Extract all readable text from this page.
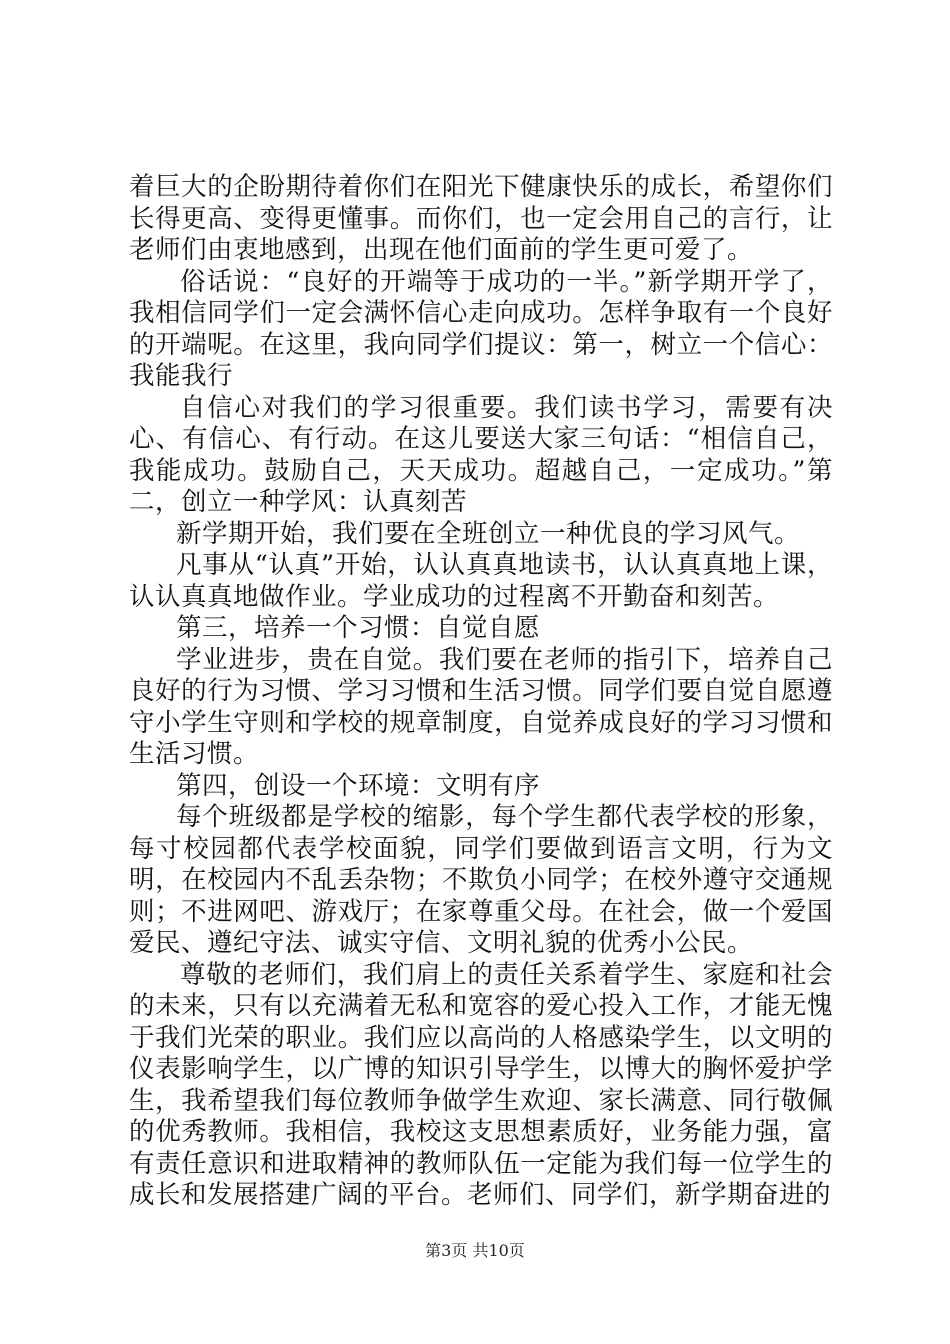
着巨大的企盼期待着你们在阳光下健康快乐的成长，希望你们长得更高、变得更懂事。而你们，也一定会用自己的言行，让老师们由衷地感到，出现在他们面前的学生更可爱了。

俗话说：“良好的开端等于成功的一半。”新学期开学了，我相信同学们一定会满怀信心走向成功。怎样争取有一个良好的开端呢。在这里，我向同学们提议：第一，树立一个信心：我能我行

自信心对我们的学习很重要。我们读书学习，需要有决心、有信心、有行动。在这儿要送大家三句话：“相信自己，我能成功。鼓励自己，天天成功。超越自己，一定成功。”第二，创立一种学风：认真刻苦

新学期开始，我们要在全班创立一种优良的学习风气。

凡事从“认真”开始，认认真真地读书，认认真真地上课，认认真真地做作业。学业成功的过程离不开勤奋和刻苦。

第三，培养一个习惯：自觉自愿

学业进步，贵在自觉。我们要在老师的指引下，培养自己良好的行为习惯、学习习惯和生活习惯。同学们要自觉自愿遵守小学生守则和学校的规章制度，自觉养成良好的学习习惯和生活习惯。

第四，创设一个环境：文明有序

每个班级都是学校的缩影，每个学生都代表学校的形象，每寸校园都代表学校面貌，同学们要做到语言文明，行为文明，在校园内不乱丢杂物；不欺负小同学；在校外遵守交通规则；不进网吧、游戏厅；在家尊重父母。在社会，做一个爱国爱民、遵纪守法、诚实守信、文明礼貌的优秀小公民。

尊敬的老师们，我们肩上的责任关系着学生、家庭和社会的未来，只有以充满着无私和宽容的爱心投入工作，才能无愧于我们光荣的职业。我们应以高尚的人格感染学生，以文明的仪表影响学生，以广博的知识引导学生，以博大的胸怀爱护学生，我希望我们每位教师争做学生欢迎、家长满意、同行敬佩的优秀教师。我相信，我校这支思想素质好，业务能力强，富有责任意识和进取精神的教师队伍一定能为我们每一位学生的成长和发展搭建广阔的平台。老师们、同学们，新学期奋进的

第3页 共10页
